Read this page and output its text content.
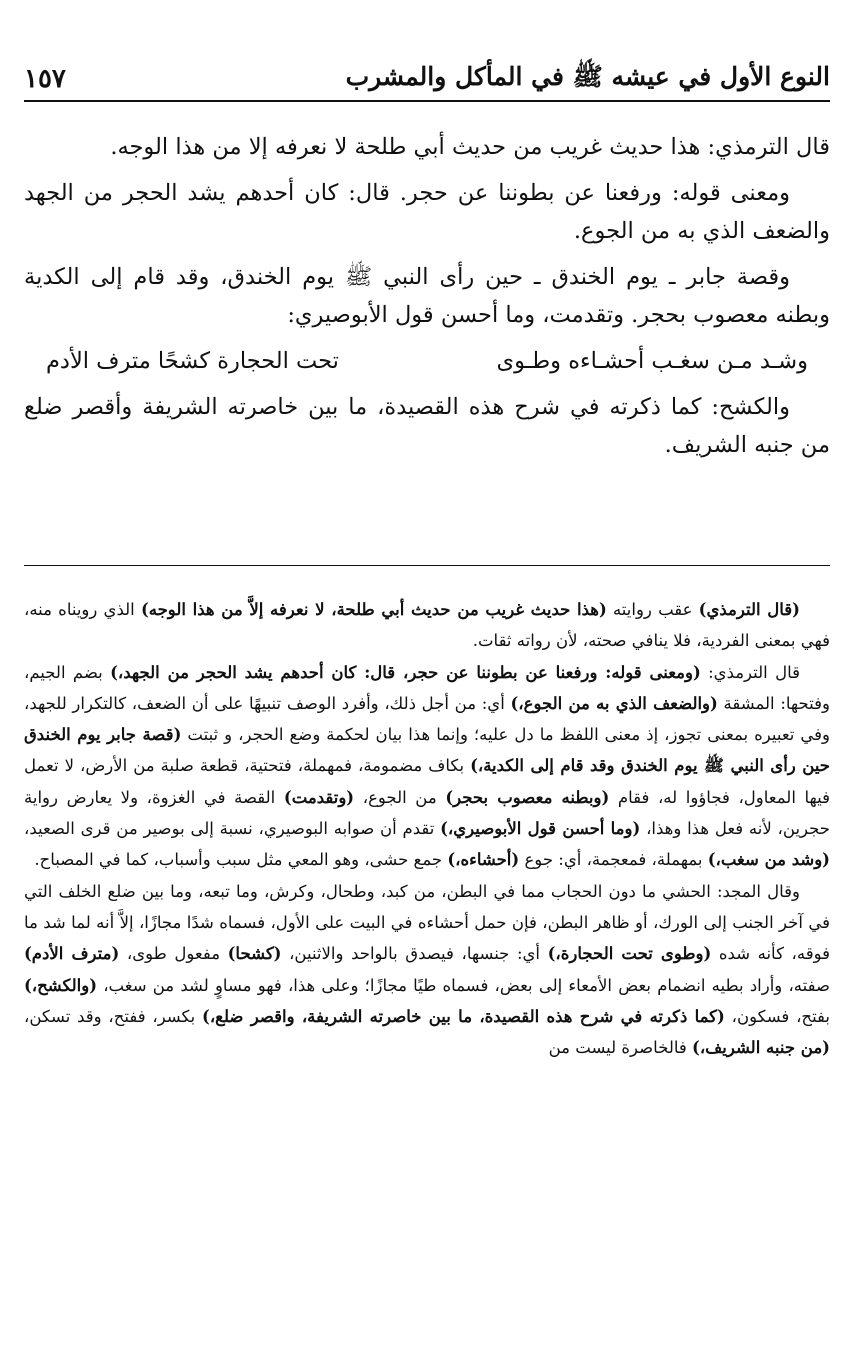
النوع الأول في عيشه ﷺ في المأكل والمشرب
١٥٧

قال الترمذي: هذا حديث غريب من حديث أبي طلحة لا نعرفه إلا من هذا الوجه.

ومعنى قوله: ورفعنا عن بطوننا عن حجر. قال: كان أحدهم يشد الحجر من الجهد والضعف الذي به من الجوع.

وقصة جابر ـ يوم الخندق ـ حين رأى النبي ﷺ يوم الخندق، وقد قام إلى الكدية وبطنه معصوب بحجر. وتقدمت، وما أحسن قول الأبوصيري:

وشـد مـن سغـب أحشـاءه وطـوى
تحت الحجارة كشحًا مترف الأدم

والكشح: كما ذكرته في شرح هذه القصيدة، ما بين خاصرته الشريفة وأقصر ضلع من جنبه الشريف.

(قال الترمذي) عقب روايته (هذا حديث غريب من حديث أبي طلحة، لا نعرفه إلاَّ من هذا الوجه) الذي رويناه منه، فهي بمعنى الفردية، فلا ينافي صحته، لأن رواته ثقات.

قال الترمذي: (ومعنى قوله: ورفعنا عن بطوننا عن حجر، قال: كان أحدهم يشد الحجر من الجهد،) بضم الجيم، وفتحها: المشقة (والضعف الذي به من الجوع،) أي: من أجل ذلك، وأفرد الوصف تنبيهًا على أن الضعف، كالتكرار للجهد، وفي تعبيره بمعنى تجوز، إذ معنى اللفظ ما دل عليه؛ وإنما هذا بيان لحكمة وضع الحجر، و ثبتت (قصة جابر يوم الخندق حين رأى النبي ﷺ يوم الخندق وقد قام إلى الكدية،) بكاف مضمومة، فمهملة، فتحتية، قطعة صلبة من الأرض، لا تعمل فيها المعاول، فجاؤوا له، فقام (وبطنه معصوب بحجر) من الجوع، (وتقدمت) القصة في الغزوة، ولا يعارض رواية حجرين، لأنه فعل هذا وهذا، (وما أحسن قول الأبوصيري،) تقدم أن صوابه البوصيري، نسبة إلى بوصير من قرى الصعيد، (وشد من سغب،) بمهملة، فمعجمة، أي: جوع (أحشاءه،) جمع حشى، وهو المعي مثل سبب وأسباب، كما في المصباح.

وقال المجد: الحشي ما دون الحجاب مما في البطن، من كبد، وطحال، وكرش، وما تبعه، وما بين ضلع الخلف التي في آخر الجنب إلى الورك، أو ظاهر البطن، فإن حمل أحشاءه في البيت على الأول، فسماه شدًا مجازًا، إلاَّ أنه لما شد ما فوقه، كأنه شده (وطوى تحت الحجارة،) أي: جنسها، فيصدق بالواحد والاثنين، (كشحا) مفعول طوى، (مترف الأدم) صفته، وأراد بطيه انضمام بعض الأمعاء إلى بعض، فسماه طيًا مجازًا؛ وعلى هذا، فهو مساوٍ لشد من سغب، (والكشح،) بفتح، فسكون، (كما ذكرته في شرح هذه القصيدة، ما بين خاصرته الشريفة، واقصر ضلع،) بكسر، ففتح، وقد تسكن، (من جنبه الشريف،) فالخاصرة ليست من
